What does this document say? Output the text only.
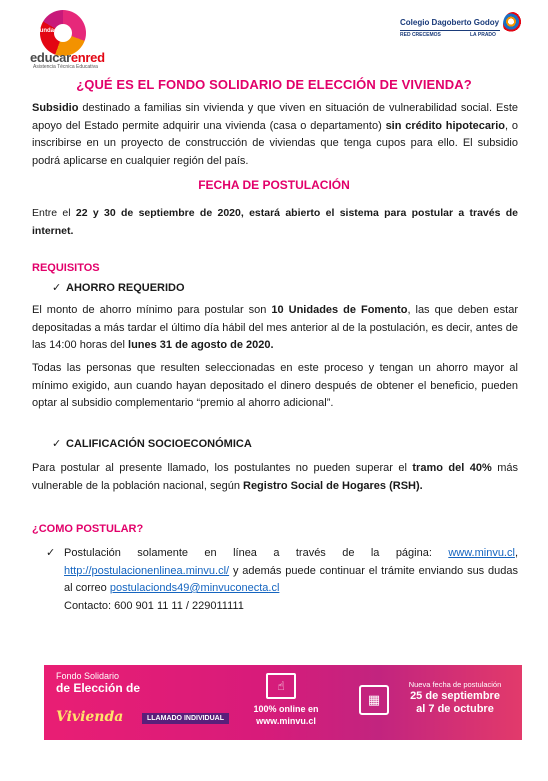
Fundación
educarenred
Asistencia Técnica Educativa
Colegio Dagoberto Godoy
RED CRECEMOS	LA PRADO
¿QUÉ ES EL FONDO SOLIDARIO DE ELECCIÓN DE VIVIENDA?

Subsidio destinado a familias sin vivienda y que viven en situación de vulnerabilidad social. Este apoyo del Estado permite adquirir una vivienda (casa o departamento) sin crédito hipotecario, o inscribirse en un proyecto de construcción de viviendas que tenga cupos para ello. El subsidio podrá aplicarse en cualquier región del país.

FECHA DE POSTULACIÓN

Entre el 22 y 30 de septiembre de 2020, estará abierto el sistema para postular a través de internet.

REQUISITOS

✓ AHORRO REQUERIDO

El monto de ahorro mínimo para postular son 10 Unidades de Fomento, las que deben estar depositadas a más tardar el último día hábil del mes anterior al de la postulación, es decir, antes de las 14:00 horas del lunes 31 de agosto de 2020.

Todas las personas que resulten seleccionadas en este proceso y tengan un ahorro mayor al mínimo exigido, aun cuando hayan depositado el dinero después de obtener el beneficio, pueden optar al subsidio complementario “premio al ahorro adicional”.

✓ CALIFICACIÓN SOCIOECONÓMICA

Para postular al presente llamado, los postulantes no pueden superar el tramo del 40% más vulnerable de la población nacional, según Registro Social de Hogares (RSH).

¿COMO POSTULAR?

✓ Postulación solamente en línea a través de la página: www.minvu.cl, http://postulacionenlinea.minvu.cl/ y además puede continuar el trámite enviando sus dudas al correo postulacionds49@minvuconecta.cl
Contacto: 600 901 11 11 / 229011111
Fondo Solidario
de Elección de
Vivienda	LLAMADO INDIVIDUAL
☝
100% online en
www.minvu.cl
▦
Nueva fecha de postulación
25 de septiembre
al 7 de octubre
